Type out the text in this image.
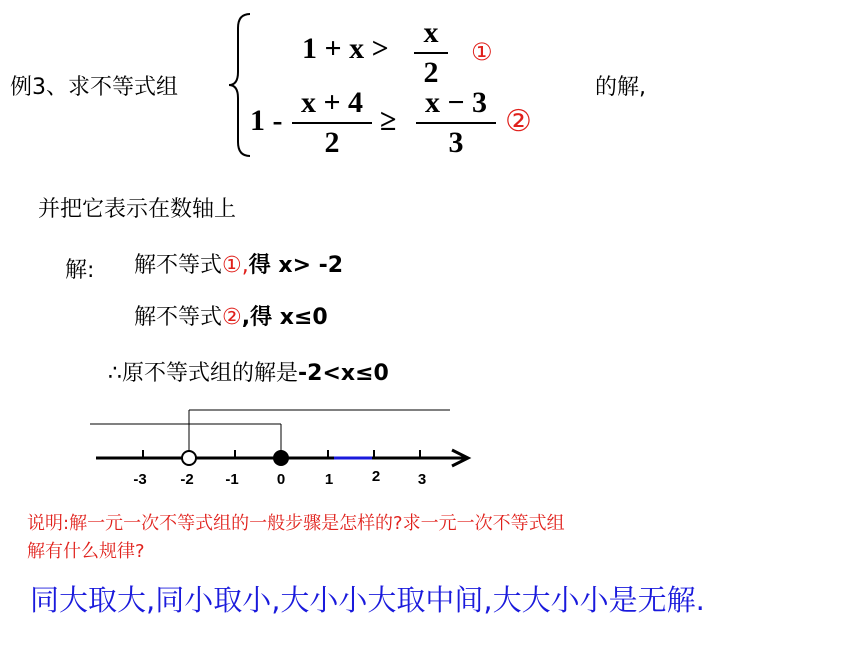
例3、求不等式组
1 + x >	x
2
①
1 -
x + 4
2
≥
x − 3
3
②
的解,
并把它表示在数轴上
解: 解不等式①,得 x> -2
解不等式②,得 x≤0
∴原不等式组的解是-2<x≤0
-3 -2 -1	0	1	2	3
说明:解一元一次不等式组的一般步骤是怎样的?求一元一次不等式组
解有什么规律?
同大取大,同小取小,大小小大取中间,大大小小是无解.
